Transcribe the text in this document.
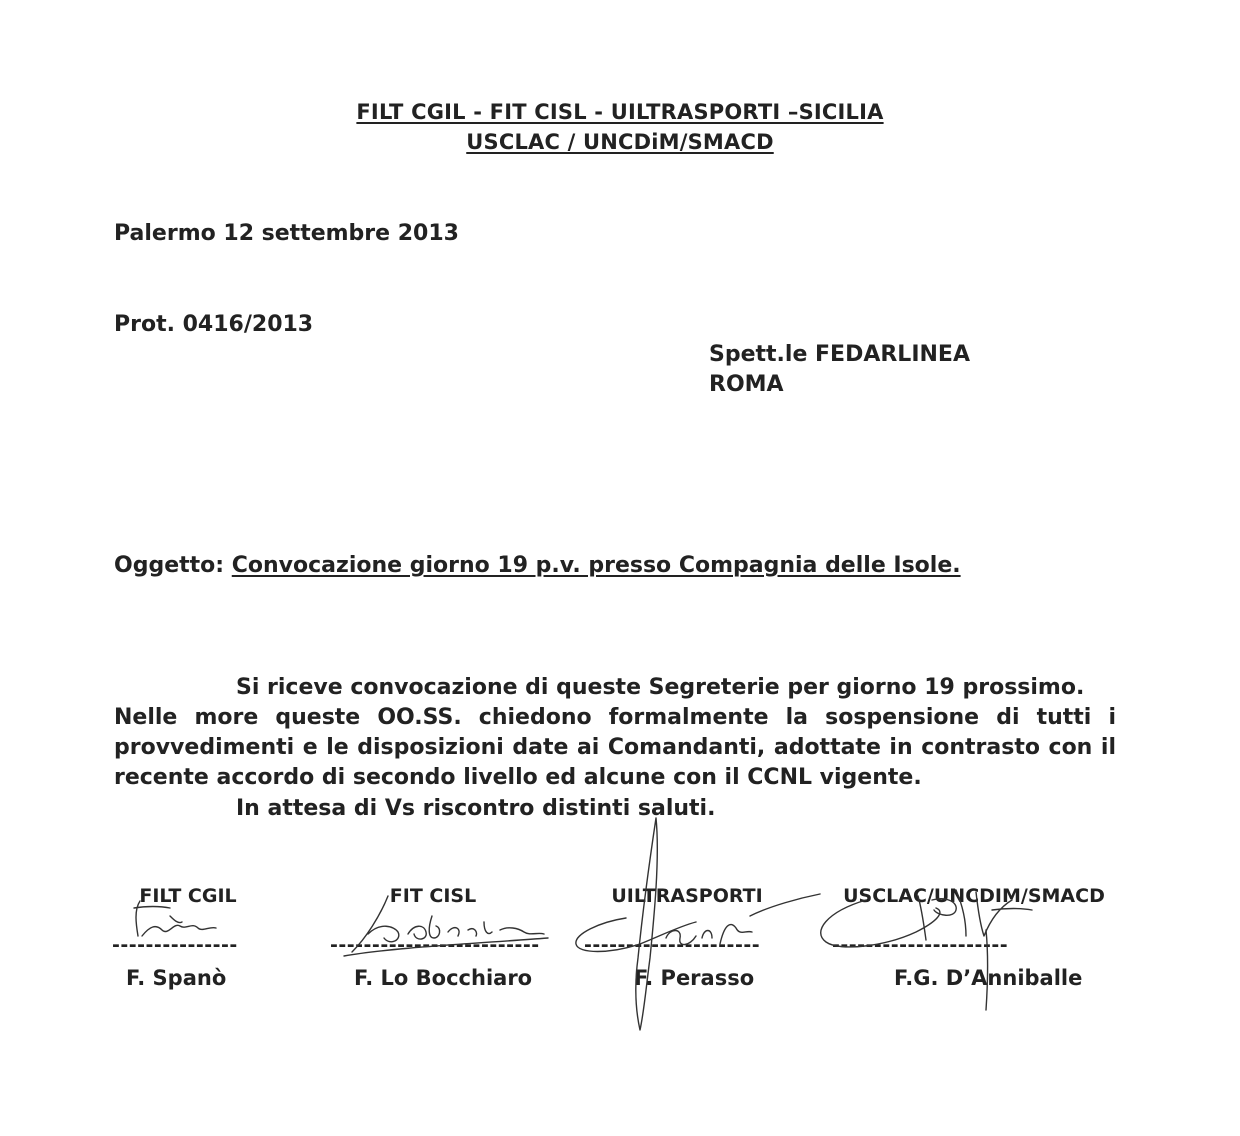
FILT CGIL - FIT CISL - UILTRASPORTI –SICILIA
USCLAC / UNCDiM/SMACD
Palermo 12 settembre 2013
Prot. 0416/2013
Spett.le FEDARLINEA
ROMA
Oggetto: Convocazione giorno 19 p.v. presso Compagnia delle Isole.
Si riceve convocazione di queste Segreterie per giorno 19 prossimo.
Nelle more queste OO.SS. chiedono formalmente la sospensione di tutti i
provvedimenti e le disposizioni date ai Comandanti, adottate in contrasto con il
recente accordo di secondo livello ed alcune con il CCNL vigente.
In attesa di Vs riscontro distinti saluti.
FILT CGIL	FIT CISL	UILTRASPORTI	USCLAC/UNCDIM/SMACD
---------------	------------------------- ---------------------	---------------------
F. Spanò	F. Lo Bocchiaro	F. Perasso	F.G. D’Anniballe
